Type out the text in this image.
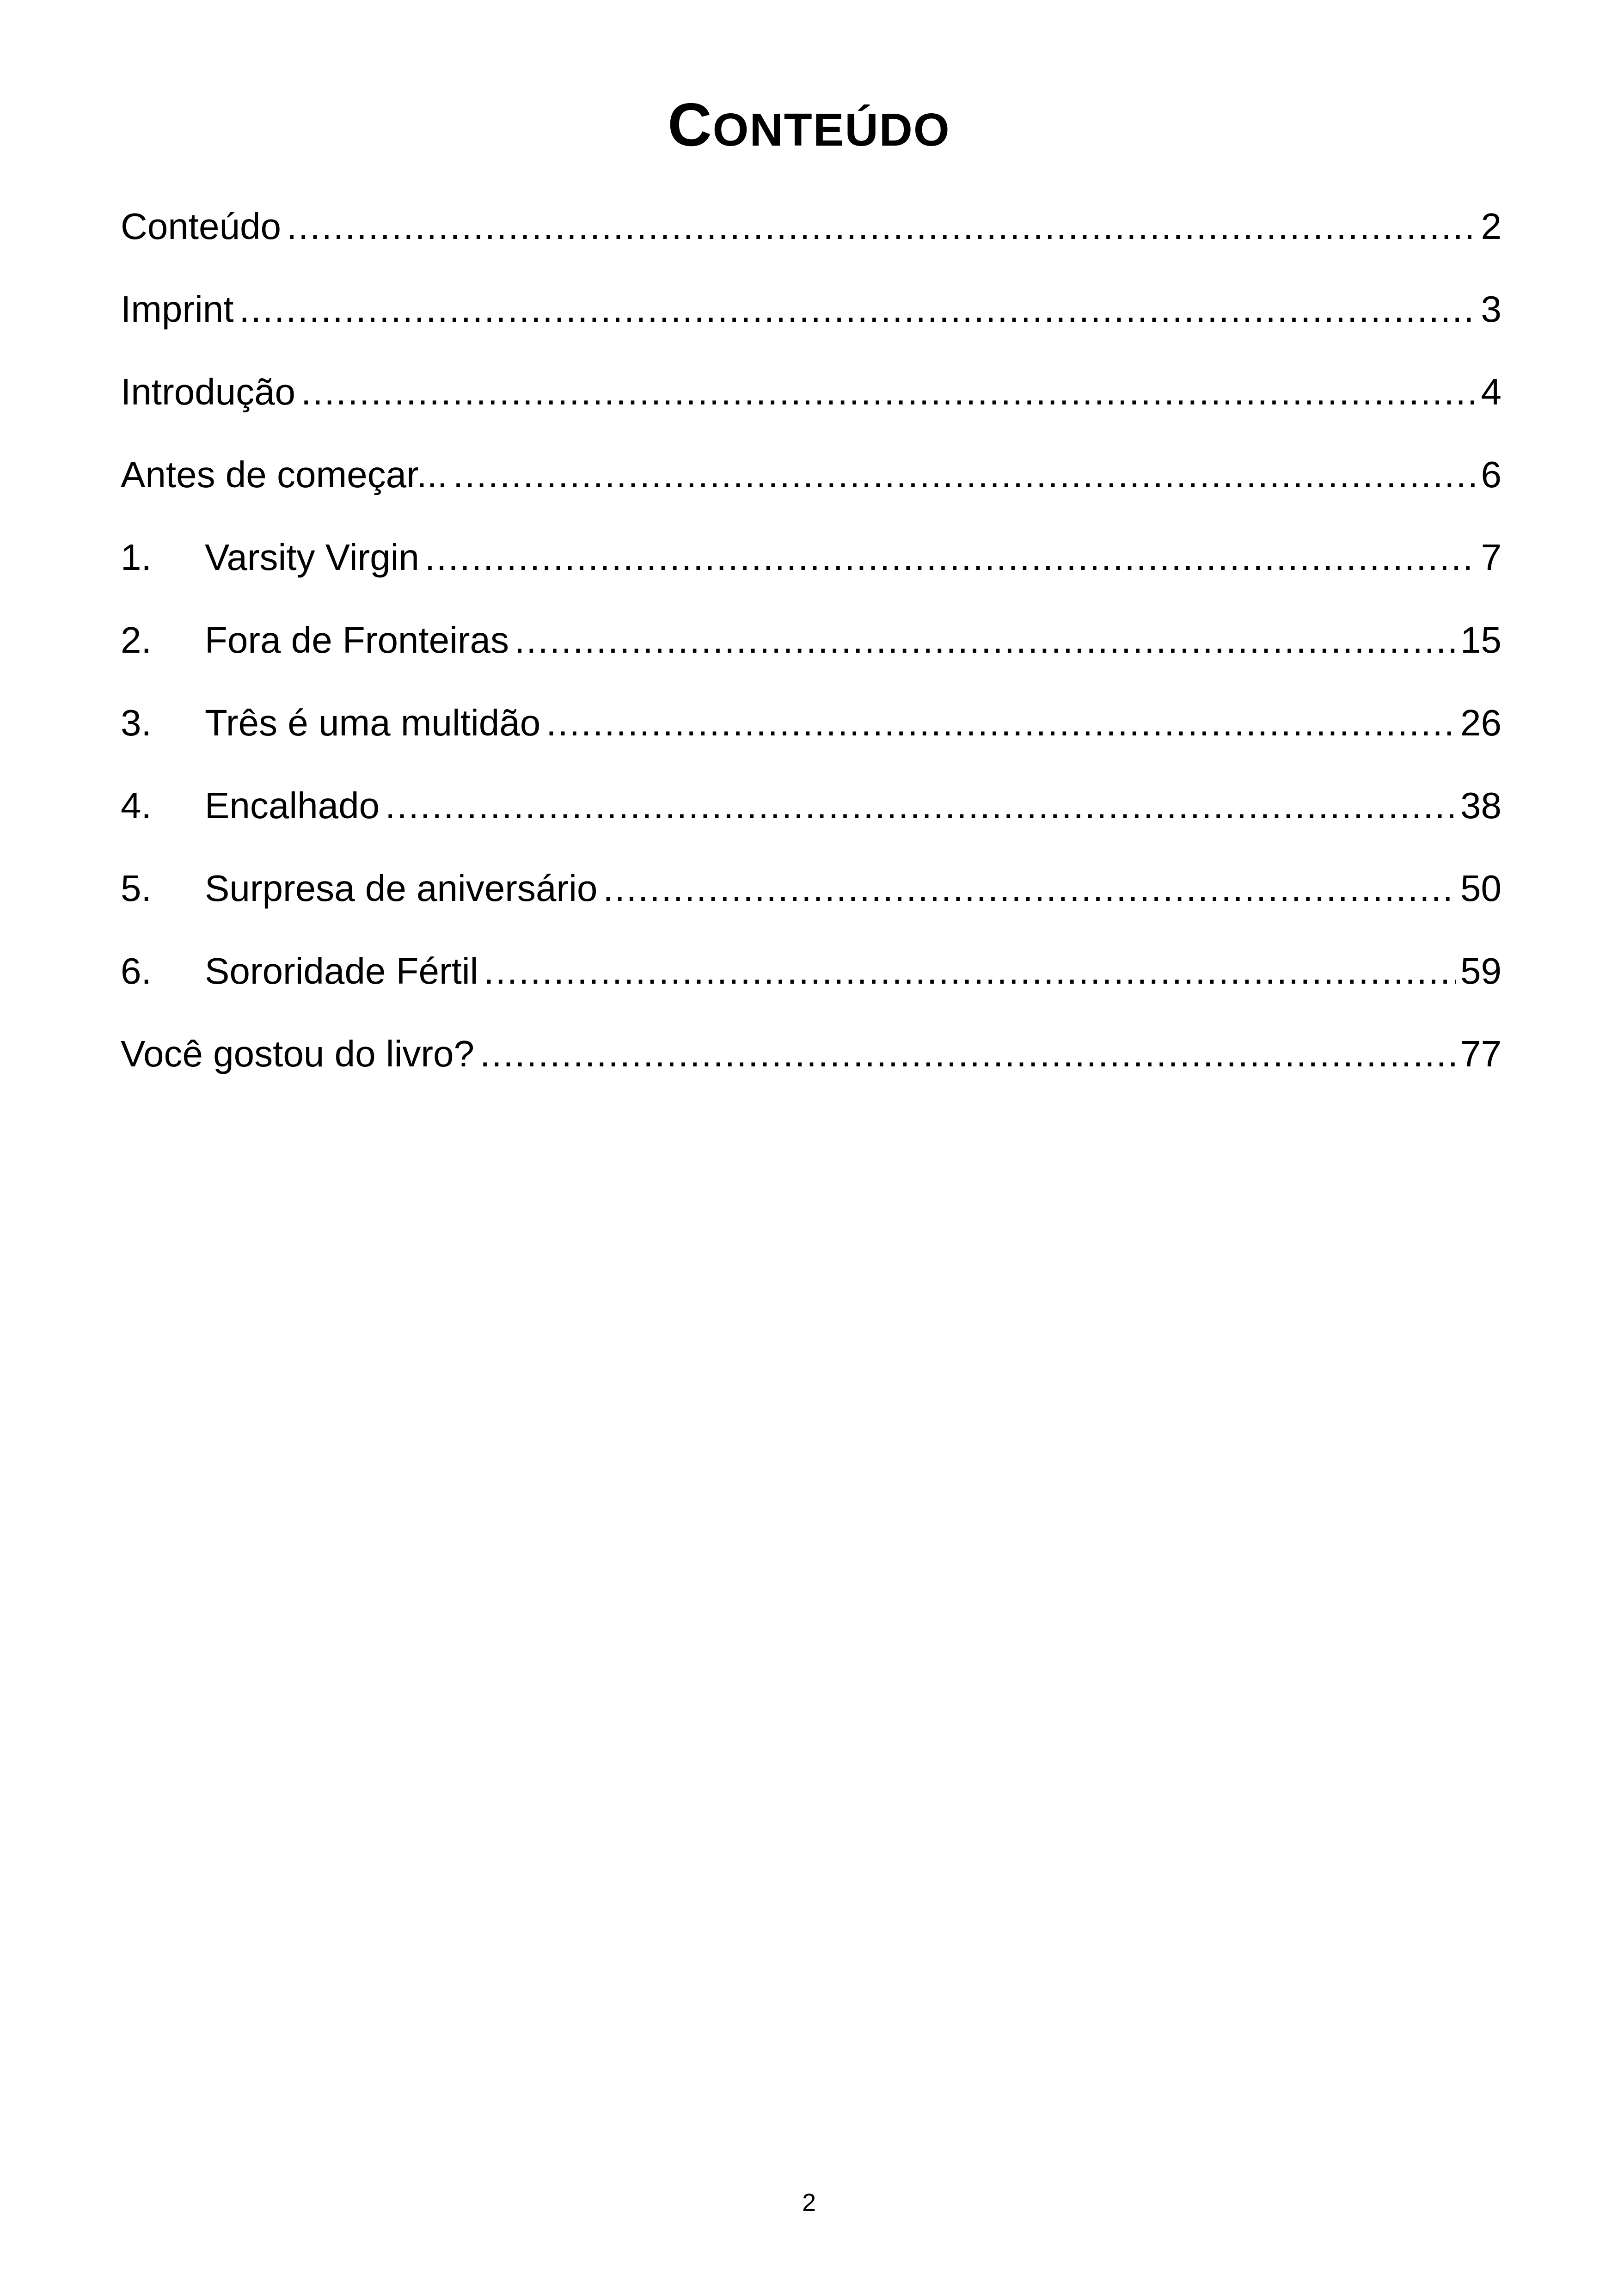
CONTEÚDO
Conteúdo .....	2
Imprint .....	3
Introdução .....	4
Antes de começar... .....	6
1.	Varsity Virgin .....	7
2.	Fora de Fronteiras .....	15
3.	Três é uma multidão .....	26
4.	Encalhado .....	38
5.	Surpresa de aniversário .....	50
6.	Sororidade Fértil .....	59
Você gostou do livro? .....	77
2
